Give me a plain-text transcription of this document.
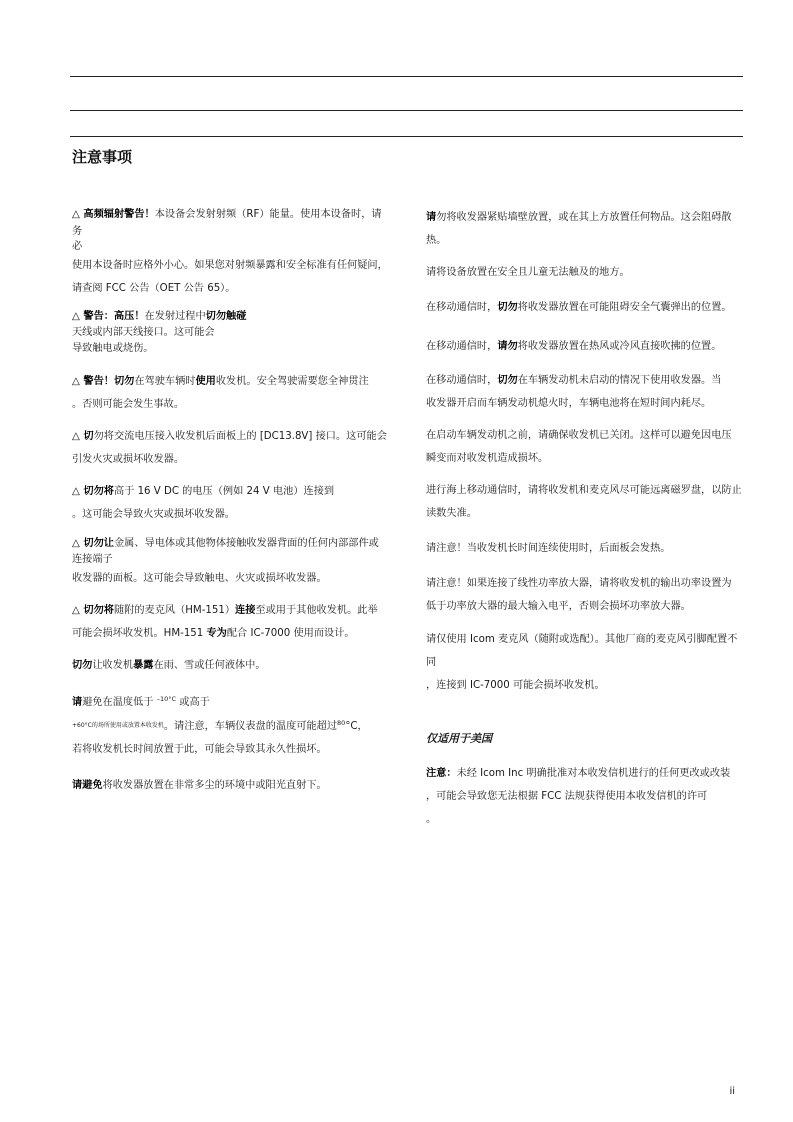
注意事项

△ 高频辐射警告！本设备会发射射频（RF）能量。使用本设备时，请务
必
使用本设备时应格外小心。如果您对射频暴露和安全标准有任何疑问，
请查阅 FCC 公告（OET 公告 65）。

△ 警告：高压！在发射过程中切勿触碰
天线或内部天线接口。这可能会
导致触电或烧伤。

△ 警告！切勿在驾驶车辆时使用收发机。安全驾驶需要您全神贯注
。否则可能会发生事故。

△ 切勿将交流电压接入收发机后面板上的 [DC13.8V] 接口。这可能会
引发火灾或损坏收发器。

△ 切勿将高于 16 V DC 的电压（例如 24 V 电池）连接到
。这可能会导致火灾或损坏收发器。

△ 切勿让金属、导电体或其他物体接触收发器背面的任何内部部件或
连接端子
收发器的面板。这可能会导致触电、火灾或损坏收发器。

△ 切勿将随附的麦克风（HM-151）连接至或用于其他收发机。此举
可能会损坏收发机。HM-151 专为配合 IC-7000 使用而设计。

切勿让收发机暴露在雨、雪或任何液体中。

请避免在温度低于 $^{-10^\circ C}$ 或高于
+60°C的场所使用或放置本收发机。请注意，车辆仪表盘的温度可能超过$^{80}$°C，
若将收发机长时间放置于此，可能会导致其永久性损坏。

请避免将收发器放置在非常多尘的环境中或阳光直射下。

请勿将收发器紧贴墙壁放置，或在其上方放置任何物品。这会阻碍散
热。

请将设备放置在安全且儿童无法触及的地方。

在移动通信时，切勿将收发器放置在可能阻碍安全气囊弹出的位置。

在移动通信时，请勿将收发器放置在热风或冷风直接吹拂的位置。

在移动通信时，切勿在车辆发动机未启动的情况下使用收发器。当
收发器开启而车辆发动机熄火时，车辆电池将在短时间内耗尽。

在启动车辆发动机之前，请确保收发机已关闭。这样可以避免因电压
瞬变而对收发机造成损坏。

进行海上移动通信时，请将收发机和麦克风尽可能远离磁罗盘，以防止
读数失准。

请注意！当收发机长时间连续使用时，后面板会发热。

请注意！如果连接了线性功率放大器，请将收发机的输出功率设置为
低于功率放大器的最大输入电平，否则会损坏功率放大器。

请仅使用 Icom 麦克风（随附或选配）。其他厂商的麦克风引脚配置不同
，连接到 IC-7000 可能会损坏收发机。

仅适用于美国

注意：未经 Icom Inc 明确批准对本收发信机进行的任何更改或改装
，可能会导致您无法根据 FCC 法规获得使用本收发信机的许可
。

ii
